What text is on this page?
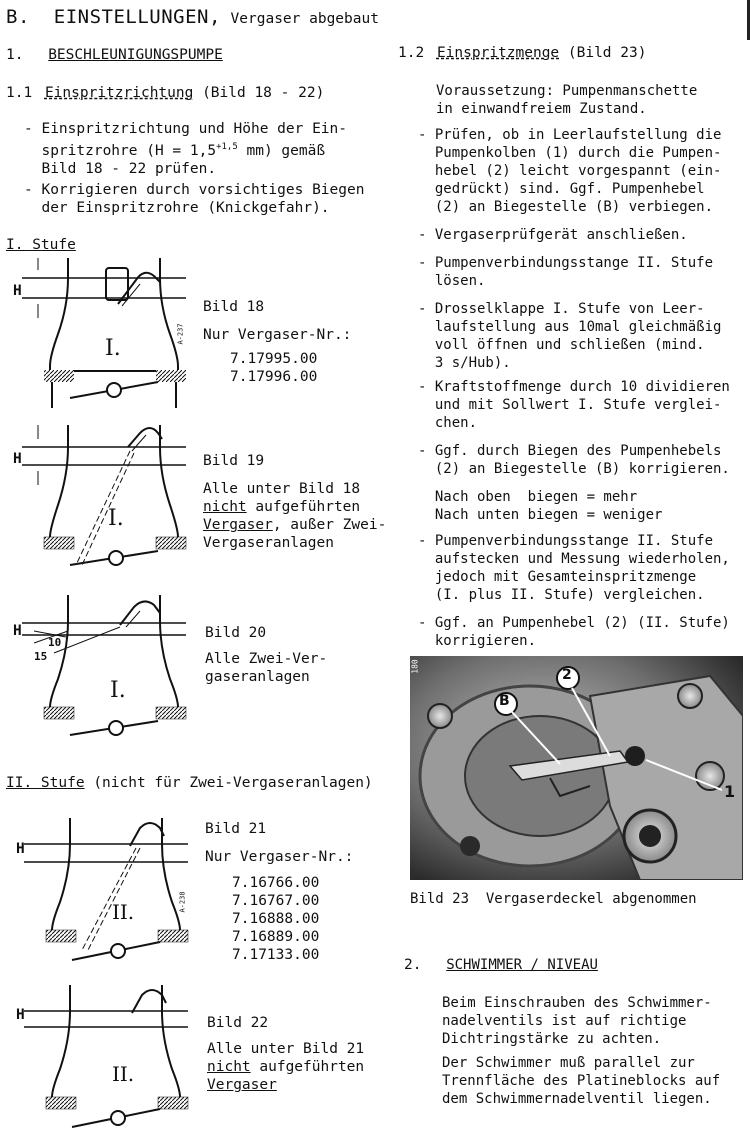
B.  EINSTELLUNGEN, Vergaser abgebaut
1. BESCHLEUNIGUNGSPUMPE
1.1 Einspritzrichtung (Bild 18 - 22)
- Einspritzrichtung und Höhe der Ein-
spritzrohre ($H = 1,5^{+1,5}$ mm) gemäß
Bild 18 - 22 prüfen.
- Korrigieren durch vorsichtiges Biegen
der Einspritzrohre (Knickgefahr).
I. Stufe
H
I.
A-237
Bild 18
Nur Vergaser-Nr.:
7.17995.00
7.17996.00
H
I.
Bild 19
Alle unter Bild 18
nicht aufgeführten
Vergaser, außer Zwei-
Vergaseranlagen
H
10
15
I.
Bild 20
Alle Zwei-Ver-
gaseranlagen
II. Stufe (nicht für Zwei-Vergaseranlagen)
H
II.	A-238
Bild 21
Nur Vergaser-Nr.:
7.16766.00
7.16767.00
7.16888.00
7.16889.00
7.17133.00
H
II.
Bild 22
Alle unter Bild 21
nicht aufgeführten
Vergaser
1.2 Einspritzmenge (Bild 23)
Voraussetzung: Pumpenmanschette
in einwandfreiem Zustand.
- Prüfen, ob in Leerlaufstellung die
Pumpenkolben (1) durch die Pumpen-
hebel (2) leicht vorgespannt (ein-
gedrückt) sind. Ggf. Pumpenhebel
(2) an Biegestelle (B) verbiegen.
- Vergaserprüfgerät anschließen.
- Pumpenverbindungsstange II. Stufe
lösen.
- Drosselklappe I. Stufe von Leer-
laufstellung aus 10mal gleichmäßig
voll öffnen und schließen (mind.
3 s/Hub).
- Kraftstoffmenge durch 10 dividieren
und mit Sollwert I. Stufe verglei-
chen.
- Ggf. durch Biegen des Pumpenhebels
(2) an Biegestelle (B) korrigieren.
Nach oben  biegen = mehr
Nach unten biegen = weniger
- Pumpenverbindungsstange II. Stufe
aufstecken und Messung wiederholen,
jedoch mit Gesamteinspritzmenge
(I. plus II. Stufe) vergleichen.
- Ggf. an Pumpenhebel (2) (II. Stufe)
korrigieren.
B
2
1
180
Bild 23  Vergaserdeckel abgenommen
2. SCHWIMMER / NIVEAU
Beim Einschrauben des Schwimmer-
nadelventils ist auf richtige
Dichtringstärke zu achten.
Der Schwimmer muß parallel zur
Trennfläche des Platineblocks auf
dem Schwimmernadelventil liegen.
